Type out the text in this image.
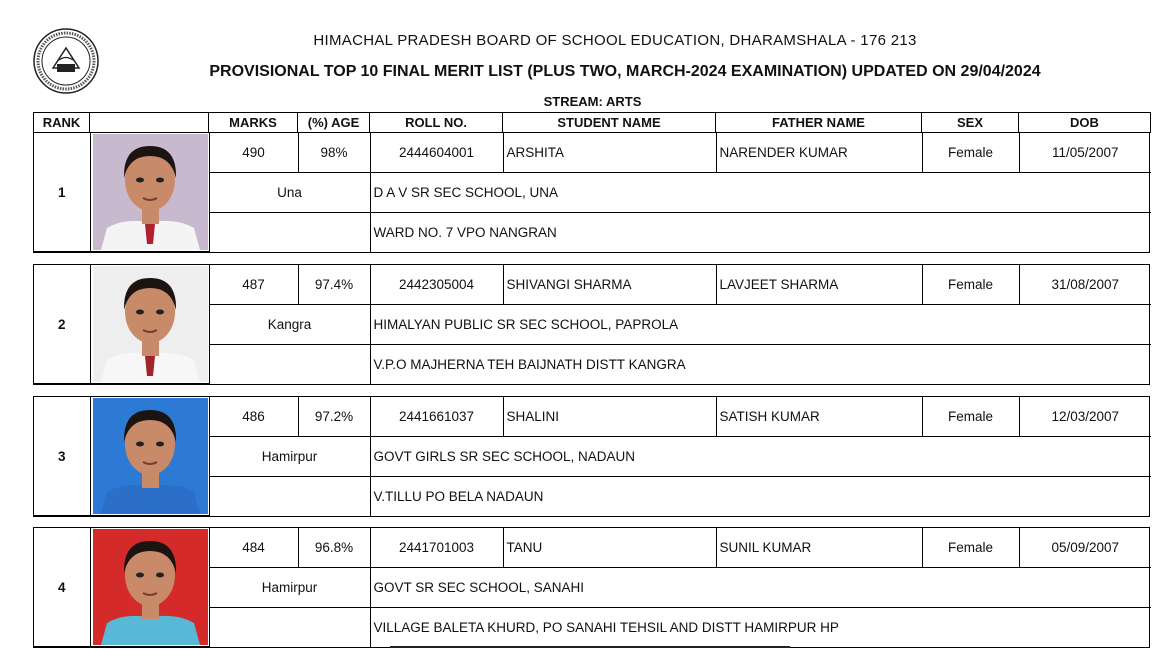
HIMACHAL PRADESH BOARD OF SCHOOL EDUCATION, DHARAMSHALA - 176 213
PROVISIONAL TOP 10 FINAL MERIT LIST (PLUS TWO, MARCH-2024 EXAMINATION) UPDATED ON 29/04/2024
STREAM: ARTS
RANK		MARKS	(%) AGE	ROLL NO.	STUDENT NAME	FATHER NAME	SEX	DOB
1		490	98%	2444604001	ARSHITA	NARENDER KUMAR	Female	11/05/2007
		Una		D A V SR SEC SCHOOL, UNA				
				WARD NO. 7 VPO NANGRAN				
2		487	97.4%	2442305004	SHIVANGI SHARMA	LAVJEET SHARMA	Female	31/08/2007
		Kangra		HIMALYAN PUBLIC SR SEC SCHOOL, PAPROLA				
				V.P.O MAJHERNA TEH BAIJNATH DISTT KANGRA				
3		486	97.2%	2441661037	SHALINI	SATISH KUMAR	Female	12/03/2007
		Hamirpur		GOVT GIRLS SR SEC SCHOOL, NADAUN				
				V.TILLU PO BELA NADAUN				
4		484	96.8%	2441701003	TANU	SUNIL KUMAR	Female	05/09/2007
		Hamirpur		GOVT SR SEC SCHOOL, SANAHI				
				VILLAGE BALETA KHURD, PO SANAHI TEHSIL AND DISTT HAMIRPUR HP				
